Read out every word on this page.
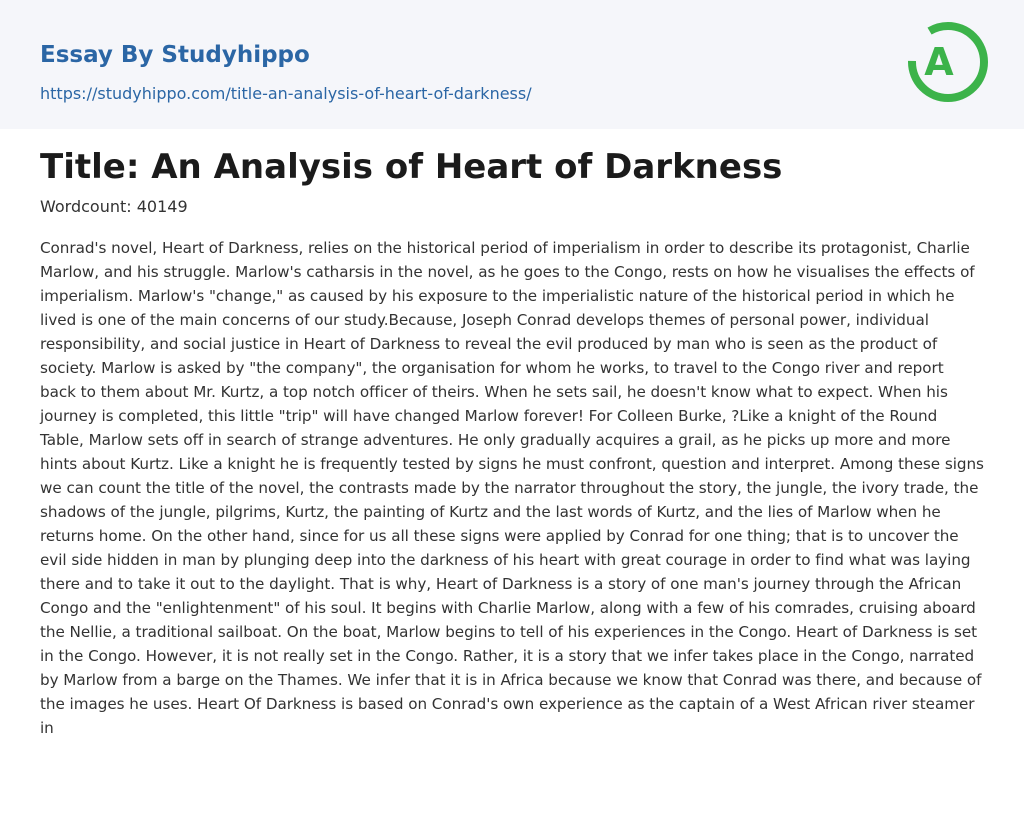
Essay By Studyhippo
https://studyhippo.com/title-an-analysis-of-heart-of-darkness/
A
Title: An Analysis of Heart of Darkness
Wordcount: 40149

Conrad's novel, Heart of Darkness, relies on the historical period of imperialism in order to describe its protagonist, Charlie Marlow, and his struggle. Marlow's catharsis in the novel, as he goes to the Congo, rests on how he visualises the effects of imperialism. Marlow's "change," as caused by his exposure to the imperialistic nature of the historical period in which he lived is one of the main concerns of our study.Because, Joseph Conrad develops themes of personal power, individual responsibility, and social justice in Heart of Darkness to reveal the evil produced by man who is seen as the product of society. Marlow is asked by "the company", the organisation for whom he works, to travel to the Congo river and report back to them about Mr. Kurtz, a top notch officer of theirs. When he sets sail, he doesn't know what to expect. When his journey is completed, this little "trip" will have changed Marlow forever! For Colleen Burke, ?Like a knight of the Round Table, Marlow sets off in search of strange adventures. He only gradually acquires a grail, as he picks up more and more hints about Kurtz. Like a knight he is frequently tested by signs he must confront, question and interpret. Among these signs we can count the title of the novel, the contrasts made by the narrator throughout the story, the jungle, the ivory trade, the shadows of the jungle, pilgrims, Kurtz, the painting of Kurtz and the last words of Kurtz, and the lies of Marlow when he returns home. On the other hand, since for us all these signs were applied by Conrad for one thing; that is to uncover the evil side hidden in man by plunging deep into the darkness of his heart with great courage in order to find what was laying there and to take it out to the daylight. That is why, Heart of Darkness is a story of one man's journey through the African Congo and the "enlightenment" of his soul. It begins with Charlie Marlow, along with a few of his comrades, cruising aboard the Nellie, a traditional sailboat. On the boat, Marlow begins to tell of his experiences in the Congo. Heart of Darkness is set in the Congo. However, it is not really set in the Congo. Rather, it is a story that we infer takes place in the Congo, narrated by Marlow from a barge on the Thames. We infer that it is in Africa because we know that Conrad was there, and because of the images he uses. Heart Of Darkness is based on Conrad's own experience as the captain of a West African river steamer in
